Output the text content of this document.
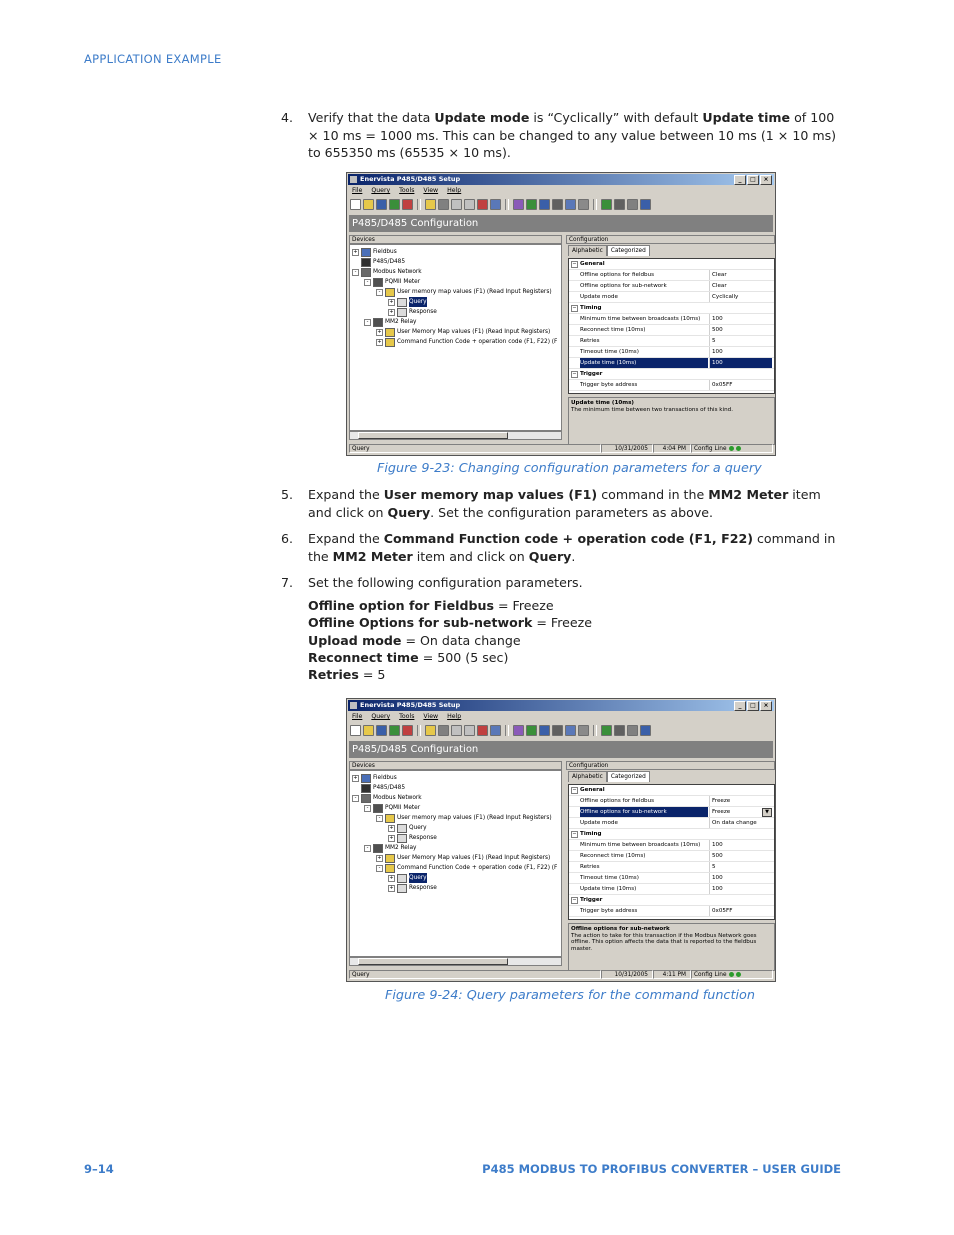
APPLICATION EXAMPLE
4. Verify that the data Update mode is “Cyclically” with default Update time of 100 × 10 ms = 1000 ms. This can be changed to any value between 10 ms (1 × 10 ms) to 655350 ms (65535 × 10 ms).
Enervista P485/D485 Setup	_	□	×
File Query Tools View Help
P485/D485 Configuration
Devices	Configuration
+	Fieldbus
P485/D485
-	Modbus Network
-	PQMII Meter
-	User memory map values (F1) (Read Input Registers)
+	Query
+	Response
-	MM2 Relay
+	User Memory Map values (F1) (Read Input Registers)
+	Command Function Code + operation code (F1, F22) (F
Alphabetic	Categorized
− General
Offline options for fieldbus	Clear
Offline options for sub-network	Clear
Update mode	Cyclically
− Timing
Minimum time between broadcasts (10ms)	100
Reconnect time (10ms)	500
Retries	5
Timeout time (10ms)	100
Update time (10ms)	100
− Trigger
Trigger byte address	0x05FF
Update time (10ms)
The minimum time between two transactions of this kind.
Query	10/31/2005	4:04 PM	Config Line
Figure 9-23: Changing configuration parameters for a query
5. Expand the User memory map values (F1) command in the MM2 Meter item and click on Query. Set the configuration parameters as above.
6. Expand the Command Function code + operation code (F1, F22) command in the MM2 Meter item and click on Query.
7. Set the following configuration parameters.
Offline option for Fieldbus = Freeze
Offline Options for sub-network = Freeze
Upload mode = On data change
Reconnect time = 500 (5 sec)
Retries = 5
Enervista P485/D485 Setup	_	□	×
File Query Tools View Help
P485/D485 Configuration
Devices	Configuration
+	Fieldbus
P485/D485
-	Modbus Network
-	PQMII Meter
-	User memory map values (F1) (Read Input Registers)
+	Query
+	Response
-	MM2 Relay
+	User Memory Map values (F1) (Read Input Registers)
-	Command Function Code + operation code (F1, F22) (F
+	Query
+	Response
Alphabetic	Categorized
− General
Offline options for fieldbus	Freeze
Offline options for sub-network	Freeze	▼
Update mode	On data change
− Timing
Minimum time between broadcasts (10ms)	100
Reconnect time (10ms)	500
Retries	5
Timeout time (10ms)	100
Update time (10ms)	100
− Trigger
Trigger byte address	0x05FF
Offline options for sub-network
The action to take for this transaction if the Modbus Network goes offline. This option affects the data that is reported to the fieldbus master.
Query	10/31/2005	4:11 PM	Config Line
Figure 9-24: Query parameters for the command function
9–14	P485 MODBUS TO PROFIBUS CONVERTER – USER GUIDE
